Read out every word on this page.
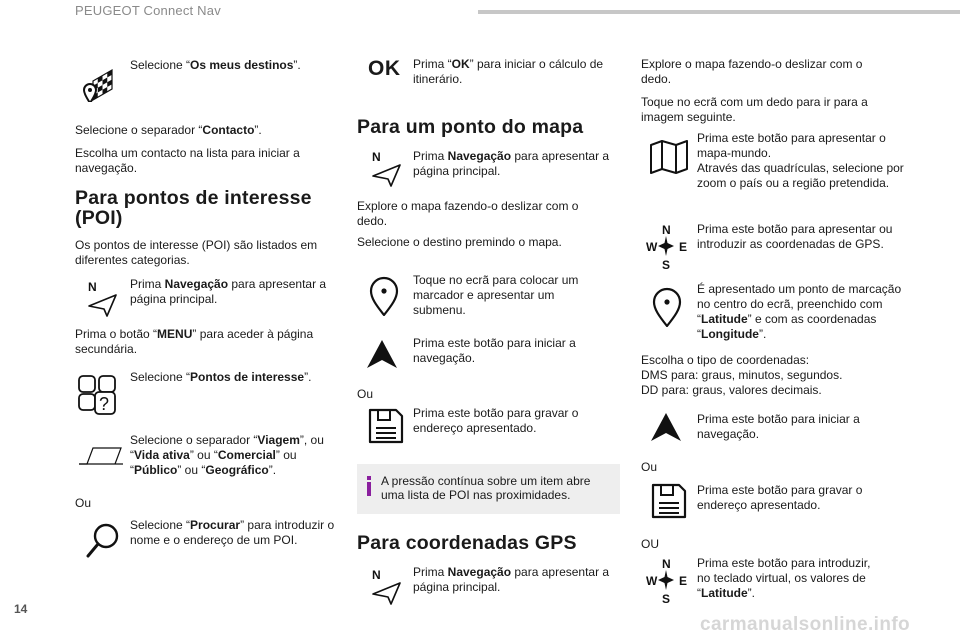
PEUGEOT Connect Nav
Selecione “Os meus destinos”.
Selecione o separador “Contacto”.
Escolha um contacto na lista para iniciar a navegação.
Para pontos de interesse (POI)
Os pontos de interesse (POI) são listados em diferentes categorias.
N	Prima Navegação para apresentar a página principal.
Prima o botão “MENU” para aceder à página secundária.
?
Selecione “Pontos de interesse”.
Selecione o separador “Viagem”, ou “Vida ativa” ou “Comercial” ou “Público” ou “Geográfico”.
Ou
Selecione “Procurar” para introduzir o nome e o endereço de um POI.
OK Prima “OK” para iniciar o cálculo de itinerário.
Para um ponto do mapa
N	Prima Navegação para apresentar a página principal.
Explore o mapa fazendo-o deslizar com o dedo.
Selecione o destino premindo o mapa.
Toque no ecrã para colocar um marcador e apresentar um submenu.
Prima este botão para iniciar a navegação.
Ou
Prima este botão para gravar o endereço apresentado.
A pressão contínua sobre um item abre uma lista de POI nas proximidades.
Para coordenadas GPS
N	Prima Navegação para apresentar a página principal.
Explore o mapa fazendo-o deslizar com o dedo.
Toque no ecrã com um dedo para ir para a imagem seguinte.
Prima este botão para apresentar o mapa-mundo.
Através das quadrículas, selecione por zoom o país ou a região pretendida.
N
W E
S
Prima este botão para apresentar ou introduzir as coordenadas de GPS.
É apresentado um ponto de marcação no centro do ecrã, preenchido com “Latitude” e com as coordenadas “Longitude”.
Escolha o tipo de coordenadas:
DMS para: graus, minutos, segundos.
DD para: graus, valores decimais.
Prima este botão para iniciar a navegação.
Ou
Prima este botão para gravar o endereço apresentado.
OU
N
W E
S
Prima este botão para introduzir, no teclado virtual, os valores de “Latitude”.
14
carmanualsonline.info
